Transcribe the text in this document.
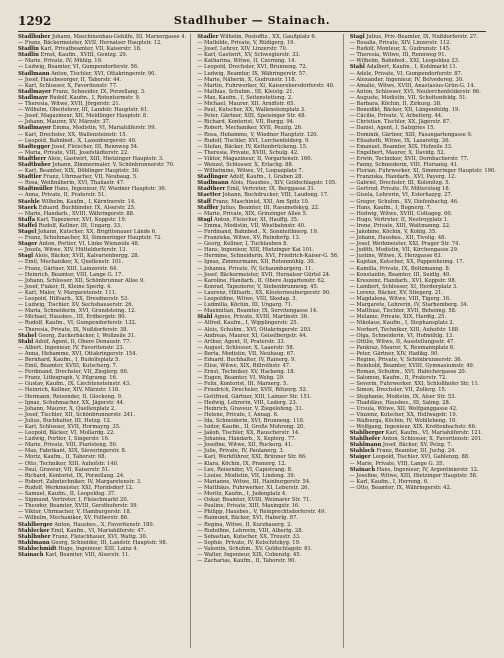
1292	Stadlhuber — Stainach.
Stadlhuber Johann, Maschinenbau-Gehilfe, III, Marxergasse 4.
— Franz, Bäckermeister, XVII, Hernalser Hauptstr. 12.
Stadlin Karl, Privatbeamter, VII, Kaiserstr. 18.
Stadlin Ernst, Kaufm., XVIII, Gentzg. 29.
— Marie, Private, IV, Mühlg. 19.
— Ludwig, Beamter, VI, Gumpendorferstr. 56.
Stadlmann Anton, Tischler, XVI, Ottakringerstr. 90.
— Josef, Hausbesorger, II, Taborstr. 44.
— Karl, Schlosser, X, Favoritenstr. 77.
Stadlmayer Franz, Schneider, IX, Porzellang. 3.
Stadlmayr Rudolf, Kaufm., I, Rotenturmstr. 9.
— Theresia, Witwe, XVII, Jörgerstr. 21.
— Wilhelm, Oberlehrer, III, Landstr. Hauptstr. 61.
— Josef, Magazineur, XII, Meidlinger Hauptstr. 8.
— Johann, Maurer, XV, Märzstr. 37.
Stadlmayer Emma, Modistin, VI, Mariahilferstr. 99.
— Karl, Drechsler, XX, Wallensteinstr. 15.
— Leopold, Bahnbed., X, Laxenburgerstr. 40.
Stadtegger Josef, Fleischer, III, Rennweg 54.
— Maria, Private, VIII, Josefstädterstr. 22.
Stadtherr Alois, Gastwirt, XIII, Hietzinger Hauptstr. 3.
Stadthuber Johann, Zimmermaler, V, Schönbrunnerstr. 70.
— Karl, Beamter, XIX, Döblinger Hauptstr. 30.
Stadtler Franz, Uhrmacher, VII, Neubaug. 5.
— Rosa, Weißnäherin, XVI, Thaliastr. 47.
Stadtmüller Hans, Ingenieur, IV, Wiedner Hauptstr. 36.
— Anna, Private, II, Praterstr. 51.
Staehle Wilhelm, Kaufm., I, Kärntnerstr. 14.
Staerk Eduard, Buchbinder, IX, Alserstr. 25.
— Marie, Handarb., XVIII, Währingerstr. 88.
Staffa Karl, Tapezierer, XVI, Koppstr. 19.
Staffel Rudolf, Kellner, III, Ungarg. 33.
Stagel Johann, Kutscher, XX, Brigittenauer Lände 6.
— Franz, Schuhmacher, XI, Simmeringer Hauptstr. 72.
Stager Anton, Portier, VI, Linke Wienzeile 48.
— Josefa, Witwe, XIV, Hütteldorferstr. 13.
Stagl Alois, Bäcker, XVII, Kalvarienbergg. 28.
— Emil, Mechaniker, X, Quellenstr. 101.
— Franz, Gärtner, XIII, Lainzerstr. 64.
— Heinrich, Beamter, VIII, Lange G. 17.
— Johann, Schlosser, XII, Schönbrunner Allee 9.
— Josef, Fiaker, II, Kleine Sperlg. 4.
— Karl, Maler, V, Margaretenstr. 111.
— Leopold, Hilfsarb., XX, Dresdnerstr. 53.
— Ludwig, Tischler, XV, Sechshauserstr. 26.
— Maria, Schneiderin, XVI, Grundsteing. 12.
— Michael, Hausbes., III, Erdbergstr. 80.
— Rudolf, Kaufm., VI, Gumpendorferstr. 132.
— Theresia, Private, IX, Nußdorferstr. 38.
Stahel Georg, Zuckerbäcker, I, Wollzeile 31.
Stahl Adolf, Agent, II, Obere Donaustr. 77.
— Albert, Ingenieur, IV, Favoritenstr. 23.
— Anna, Hebamme, XVI, Ottakringerstr. 154.
— Bernhard, Kaufm., I, Rudolfsplatz 5.
— Emil, Beamter, XVIII, Kutscherg. 7.
— Ferdinand, Drechsler, VII, Zieglerg. 60.
— Franz, Lithograph, V, Pilgramg. 16.
— Gustav, Kaufm., IX, Liechtensteinstr. 43.
— Heinrich, Kellner, XIV, Märzstr. 118.
— Hermann, Reisender, II, Glockeng. 9.
— Ignaz, Schuhmacher, XX, Jägerstr. 44.
— Johann, Maurer, X, Quellenplatz 2.
— Josef, Tischler, XII, Schönbrunnerstr. 241.
— Julius, Buchhalter, III, Hetzg. 12.
— Karl, Schlosser, XVII, Hormayrg. 35.
— Leopold, Bäcker, VI, Mollardg. 22.
— Ludwig, Portier, I, Singerstr. 16.
— Marie, Private, VIII, Piaristeng. 50.
— Max, Fabrikant, XIX, Sieveringerstr. 8.
— Moriz, Kaufm., II, Taborstr. 68.
— Otto, Techniker, XIII, Auhofstr. 140.
— Paul, Graveur, VII, Kaiserstr. 51.
— Richard, Kontorist, IX, Porzellang. 24.
— Robert, Zahntechniker, IV, Margaretenstr. 3.
— Rudolf, Werkmeister, XXI, Floridsdorf 12.
— Samuel, Kaufm., II, Leopoldsg. 37.
— Sigmund, Vertreter, I, Fleischmarkt 20.
— Theodor, Beamter, XVIII, Gersthoferstr. 59.
— Viktor, Uhrmacher, V, Hamburgerstr. 18.
— Wilhelm, Mechaniker, XV, Felberstr. 86.
Stahlberger Anton, Hausbes., X, Favoritenstr. 180.
Stahlecker Emil, Kaufm., VI, Mariahilferstr. 47.
Stahlhuber Franz, Fleischhauer, XVI, Wattg. 30.
Stahlmann Georg, Schneider, III, Landstr. Hauptstr. 98.
Stahlschmidt Hugo, Ingenieur, XIII, Lainz 4.
Stainach Karl, Beamter, VIII, Alserstr. 11.
Stadler Wilhelm, Postoffiz., XX, Gaußplatz 6.
— Mathilde, Private, V, Rüdigerg. 19.
— Josef, Lehrer, XIV, Linzerstr. 70.
— Karl, Gastwirt, XV, Schweglerstr. 33.
— Katharina, Witwe, II, Czerning. 14.
— Leopold, Drechsler, XVI, Brunneng. 72.
— Ludwig, Beamter, IX, Währingerstr. 57.
— Marie, Näherin, X, Gudrunstr. 118.
— Martin, Fuhrwerker, XI, Kaiserebersdorferstr. 40.
— Mathias, Schuhm., III, Kleistg. 21.
— Max, Kaufm., I, Seitenstetteng. 2.
— Michael, Maurer, XII, Arndtstr. 65.
— Paul, Kutscher, XX, Wallensteinplatz 3.
— Peter, Gärtner, XIII, Speisinger Str. 48.
— Richard, Kontorist, VII, Burgg. 94.
— Robert, Mechaniker, XVII, Pezzlg. 26.
— Rosa, Hebamme, V, Wiedner Hauptstr. 120.
— Rudolf, Tischler, XVI, Lerchenfelderg. 9.
— Stefan, Bäcker, IV, Kettenbrückeng. 15.
— Theresia, Private, XVIII, Schulg. 42.
— Viktor, Magazineur, II, Vorgartenstr. 160.
— Wenzel, Schlosser, X, Erlachg. 88.
— Wilhelmine, Witwe, VI, Loquaiplatz 7.
Stadlinger Adolf, Kaufm., I, Graben 28.
Stadlmann Alois, Hausbes., XIV, Goldschlagstr. 105.
Stadtherr Emil, Vertreter, IX, Berggasse 31.
Staetter Johann, Buchdrucker, VIII, Laudong. 17.
Staff Franz, Maschinist, XXI, Am Spitz 10.
Staffler Julius, Beamter, III, Rasumofskyg. 22.
— Marie, Private, XIX, Grinzinger Allee 5.
Stagl Anton, Fleischer, XI, Hauffg. 35.
— Emma, Modistin, VII, Westbahnstr. 40.
— Ferdinand, Bahnbed., X, Sonnleithnerg. 19.
— Franziska, Witwe, XV, Reindorfg. 13.
— Georg, Kellner, I, Tuchlauben 8.
— Hans, Ingenieur, XIII, Hietzinger Kai 101.
— Hermine, Schneiderin, XVI, Friedrich-Kaiser-G. 56.
— Ignaz, Zimmermann, XII, Rotenmühlg. 30.
— Johanna, Private, IV, Schaumburgerg. 11.
— Josef, Bäckermeister, XVII, Hernalser Gürtel 24.
— Karoline, Handarb., II, Obere Augartenstr. 62.
— Konrad, Tapezierer, V, Siebenbrunneng. 45.
— Laurenz, Hilfsarb., XX, Klosterneuburgerstr. 90.
— Leopoldine, Witwe, VIII, Skodag. 3.
— Ludmilla, Köchin, III, Ungarg. 71.
— Maximilian, Beamter, IX, Servitengasse 14.
Stahl Agnes, Private, XVIII, Martinstr. 36.
— Alfred, Kaufm., I, Wipplingerstr. 25.
— Alois, Schuhm., XVI, Ottakringerstr. 203.
— Andreas, Maurer, XI, Geiselbergstr. 44.
— Arthur, Agent, II, Praterstr. 33.
— August, Schlosser, X, Laaerstr. 58.
— Berta, Modistin, VII, Neubaug. 67.
— Eduard, Buchhalter, IV, Rainerg. 9.
— Elise, Witwe, XIX, Billrothstr. 47.
— Ernst, Techniker, XV, Hackeng. 18.
— Eugen, Beamter, VI, Webg. 29.
— Felix, Kontorist, III, Marxerg. 5.
— Friedrich, Drechsler, XVII, Rötzerg. 52.
— Gottfried, Gärtner, XIII, Lainzer Str. 151.
— Hedwig, Lehrerin, VIII, Lederg. 23.
— Heinrich, Graveur, V, Ziegelofeng. 31.
— Helene, Private, I, Annag. 6.
— Ida, Schneiderin, XVI, Brunneng. 110.
— Isidor, Kaufm., II, Große Mohreng. 20.
— Jakob, Tischler, XX, Rauscherstr. 14.
— Johanna, Handarb., X, Keplerg. 77.
— Josefine, Witwe, XII, Ruckerg. 41.
— Julie, Private, IV, Paulanerg. 3.
— Karl, Werkführer, XXI, Brünner Str. 66.
— Klara, Köchin, IX, Pramerg. 12.
— Leo, Reisender, VI, Capistrang. 8.
— Louise, Modistin, VII, Lindeng. 39.
— Marianne, Witwe, III, Hainburgerstr. 54.
— Matthäus, Fuhrwerker, XI, Leberstr. 26.
— Moritz, Kaufm., I, Judenplatz 4.
— Oskar, Beamter, XVIII, Weimarer Str. 71.
— Pauline, Private, XIII, Maxingstr. 16.
— Philipp, Hausbes., V, Reinprechtsdorferstr. 49.
— Raimund, Bäcker, XVI, Haberlg. 87.
— Regina, Witwe, II, Kurzbauerg. 2.
— Rudolfine, Lehrerin, VIII, Albertg. 28.
— Sebastian, Kutscher, XX, Treustr. 33.
— Sophie, Private, IV, Kolschitzkyg. 19.
— Valentin, Schuhm., XV, Goldschlagstr. 61.
— Walter, Ingenieur, XIX, Cobenzlg. 45.
— Zacharias, Kaufm., II, Taborstr. 90.
Stagl Julius, Priv.-Beamter, IX, Nußdorferstr. 27.
— Rosalia, Private, XIV, Linzerstr. 112.
— Rudolf, Monteur, X, Gudrunstr. 145.
— Theresia, Witwe, III, Rennweg 91.
— Wilhelm, Bahnbed., XXI, Leopoldau 23.
Stahl Adalbert, Kaufm., I, Kohlmarkt 11.
— Adele, Private, VI, Gumpendorferstr. 87.
— Alexander, Ingenieur, IV, Belvedereg. 30.
— Amalie, Witwe, XVIII, Anastasius-Grün-G. 14.
— Anton, Schlosser, XVI, Neulerchenfelderstr. 66.
— Auguste, Modistin, VII, Schottenfeldg. 51.
— Barbara, Köchin, II, Zirkusg. 38.
— Benedikt, Bäcker, XII, Längenfeldg. 19.
— Cäcilie, Private, V, Arbeiterg. 44.
— Christian, Tischler, XX, Jägerstr. 87.
— Daniel, Agent, I, Salzgries 15.
— Dominik, Gärtner, XIII, Fasangartengasse 9.
— Elisabeth, Witwe, IX, Lazarettg. 26.
— Emanuel, Beamter, XIX, Hofzeile 33.
— Engelbert, Maurer, X, Davidg. 52.
— Erwin, Techniker, XVII, Dornbacherstr. 77.
— Fanny, Schneiderin, VIII, Florianig. 41.
— Florian, Fuhrwerker, XI, Simmeringer Hauptstr. 190.
— Franziska, Handarb., XVI, Payerg. 12.
— Gabriel, Drechsler, III, Kolonitzg. 5.
— Gertrud, Private, IV, Mittersteig 18.
— Gisela, Lehrerin, VI, Esterhazyg. 27.
— Gregor, Schuhm., XV, Diefenbachg. 46.
— Hans, Kaufm., I, Bognerg. 7.
— Hedwig, Witwe, XVIII, Cottageg. 60.
— Hugo, Vertreter, II, Nestroyplatz 1.
— Irene, Private, XIII, Wattmanng. 22.
— Jakobine, Köchin, V, Kohlg. 35.
— Johann, Hausbes., XII, Tivolig. 48.
— Josef, Werkmeister, XXI, Prager Str. 74.
— Judith, Modistin, VII, Kirchengasse 29.
— Justine, Witwe, X, Herzgasse 63.
— Kajetan, Kutscher, XX, Pappenheimg. 17.
— Kamilla, Private, IX, Boltzmanng. 8.
— Konstantin, Beamter, III, Seidlg. 40.
— Kreszenz, Handarb., XVI, Koppstr. 98.
— Lambert, Schlosser, XI, Herderplatz 3.
— Lorenz, Bäcker, XV, Stiegerg. 21.
— Magdalena, Witwe, VIII, Tigerg. 16.
— Margarete, Lehrerin, IV, Starhemberg. 34.
— Matthias, Tischler, XVII, Beheimg. 58.
— Melanie, Private, XIX, Hardtg. 25.
— Nikolaus, Kaufm., I, Stephansplatz 2.
— Norbert, Techniker, XIII, Auhofstr. 188.
— Olga, Schneiderin, VI, Hofmühlg. 13.
— Ottilie, Witwe, II, Ausstellungsstr. 47.
— Pankraz, Maurer, X, Reumannplatz 6.
— Peter, Gärtner, XIV, Hadikg. 90.
— Regine, Private, V, Schönbrunnerstr. 36.
— Reinhold, Beamter, XVIII, Gymnasiumstr. 49.
— Roman, Schuhm., XVI, Habichergasse 20.
— Salomon, Kaufm., II, Praterstr. 72.
— Severin, Fuhrwerker, XXI, Schloßhofer Str. 11.
— Simon, Drechsler, VII, Zollerg. 15.
— Stephanie, Modistin, IX, Alser Str. 53.
— Thaddäus, Hausbes., III, Salmg. 28.
— Ursula, Witwe, XII, Wolfganggasse 42.
— Vinzenz, Kutscher, XX, Hellwagstr. 19.
— Walburga, Köchin, IV, Wohllebeng. 10.
— Wolfgang, Ingenieur, XIX, Krottenbachstr. 66.
Stahlberger Karl, Kaufm., VI, Mariahilferstr. 121.
Stahlhofer Anton, Schlosser, X, Favoritenstr. 201.
Stahlmann Josef, Bäcker, XV, Pelzg. 7.
Stahlsch Franz, Beamter, III, Juchg. 24.
Staiger Leopold, Tischler, XVI, Gablenzg. 88.
— Marie, Private, VIII, Lange G. 35.
Stainach Hans, Ingenieur, IV, Argentinierstr. 12.
— Josefine, Witwe, XIII, Hietzinger Hauptstr. 58.
— Karl, Kaufm., I, Herreng. 6.
— Otto, Beamter, IX, Währingerstr. 42.
